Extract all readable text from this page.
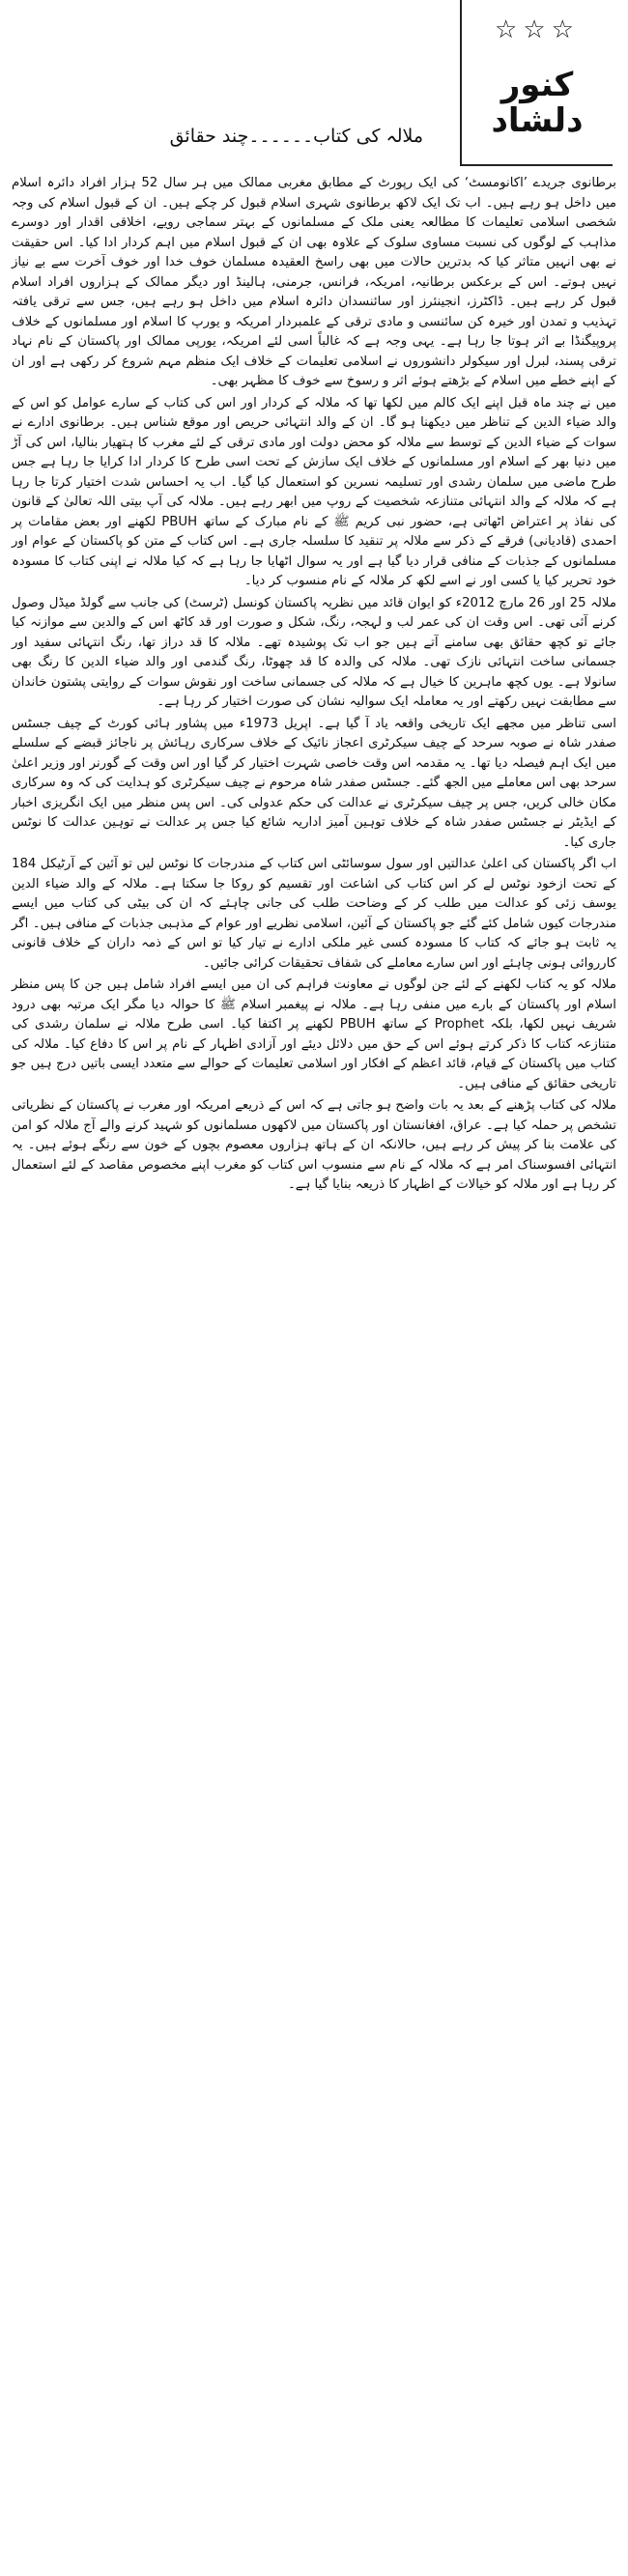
☆☆☆
کنور دلشاد
ملالہ کی کتاب۔۔۔۔۔۔چند حقائق

برطانوی جریدے ’اکانومسٹ‘ کی ایک رپورٹ کے مطابق مغربی ممالک میں ہر سال 52 ہزار افراد دائرہ اسلام میں داخل ہو رہے ہیں۔ اب تک ایک لاکھ برطانوی شہری اسلام قبول کر چکے ہیں۔ ان کے قبول اسلام کی وجہ شخصی اسلامی تعلیمات کا مطالعہ یعنی ملک کے مسلمانوں کے بہتر سماجی رویے، اخلاقی اقدار اور دوسرے مذاہب کے لوگوں کی نسبت مساوی سلوک کے علاوہ بھی ان کے قبول اسلام میں اہم کردار ادا کیا۔ اس حقیقت نے بھی انہیں متاثر کیا کہ بدترین حالات میں بھی راسخ العقیدہ مسلمان خوف خدا اور خوف آخرت سے بے نیاز نہیں ہوتے۔ اس کے برعکس برطانیہ، امریکہ، فرانس، جرمنی، ہالینڈ اور دیگر ممالک کے ہزاروں افراد اسلام قبول کر رہے ہیں۔ ڈاکٹرز، انجینئرز اور سائنسدان دائرہ اسلام میں داخل ہو رہے ہیں، جس سے ترقی یافتہ تہذیب و تمدن اور خیرہ کن سائنسی و مادی ترقی کے علمبردار امریکہ و یورپ کا اسلام اور مسلمانوں کے خلاف پروپیگنڈا بے اثر ہوتا جا رہا ہے۔ یہی وجہ ہے کہ غالباً اسی لئے امریکہ، یورپی ممالک اور پاکستان کے نام نہاد ترقی پسند، لبرل اور سیکولر دانشوروں نے اسلامی تعلیمات کے خلاف ایک منظم مہم شروع کر رکھی ہے اور ان کے اپنے خطے میں اسلام کے بڑھتے ہوئے اثر و رسوخ سے خوف کا مظہر بھی۔

میں نے چند ماہ قبل اپنے ایک کالم میں لکھا تھا کہ ملالہ کے کردار اور اس کی کتاب کے سارے عوامل کو اس کے والد ضیاء الدین کے تناظر میں دیکھنا ہو گا۔ ان کے والد انتہائی حریص اور موقع شناس ہیں۔ برطانوی ادارے نے سوات کے ضیاء الدین کے توسط سے ملالہ کو محض دولت اور مادی ترقی کے لئے مغرب کا ہتھیار بنالیا، اس کی آڑ میں دنیا بھر کے اسلام اور مسلمانوں کے خلاف ایک سازش کے تحت اسی طرح کا کردار ادا کرایا جا رہا ہے جس طرح ماضی میں سلمان رشدی اور تسلیمہ نسرین کو استعمال کیا گیا۔ اب یہ احساس شدت اختیار کرتا جا رہا ہے کہ ملالہ کے والد انتہائی متنازعہ شخصیت کے روپ میں ابھر رہے ہیں۔ ملالہ کی آپ بیتی اللہ تعالیٰ کے قانون کی نفاذ پر اعتراض اٹھاتی ہے، حضور نبی کریم ﷺ کے نام مبارک کے ساتھ PBUH لکھنے اور بعض مقامات پر احمدی (قادیانی) فرقے کے ذکر سے ملالہ پر تنقید کا سلسلہ جاری ہے۔ اس کتاب کے متن کو پاکستان کے عوام اور مسلمانوں کے جذبات کے منافی قرار دیا گیا ہے اور یہ سوال اٹھایا جا رہا ہے کہ کیا ملالہ نے اپنی کتاب کا مسودہ خود تحریر کیا یا کسی اور نے اسے لکھ کر ملالہ کے نام منسوب کر دیا۔

ملالہ 25 اور 26 مارچ 2012ء کو ایوان قائد میں نظریہ پاکستان کونسل (ٹرسٹ) کی جانب سے گولڈ میڈل وصول کرنے آئی تھی۔ اس وقت ان کی عمر لب و لہجہ، رنگ، شکل و صورت اور قد کاٹھ اس کے والدین سے موازنہ کیا جائے تو کچھ حقائق بھی سامنے آتے ہیں جو اب تک پوشیدہ تھے۔ ملالہ کا قد دراز تھا، رنگ انتہائی سفید اور جسمانی ساخت انتہائی نازک تھی۔ ملالہ کی والدہ کا قد چھوٹا، رنگ گندمی اور والد ضیاء الدین کا رنگ بھی سانولا ہے۔ یوں کچھ ماہرین کا خیال ہے کہ ملالہ کی جسمانی ساخت اور نقوش سوات کے روایتی پشتون خاندان سے مطابقت نہیں رکھتے اور یہ معاملہ ایک سوالیہ نشان کی صورت اختیار کر رہا ہے۔

اسی تناظر میں مجھے ایک تاریخی واقعہ یاد آ گیا ہے۔ اپریل 1973ء میں پشاور ہائی کورٹ کے چیف جسٹس صفدر شاہ نے صوبہ سرحد کے چیف سیکرٹری اعجاز نائیک کے خلاف سرکاری رہائش پر ناجائز قبضے کے سلسلے میں ایک اہم فیصلہ دیا تھا۔ یہ مقدمہ اس وقت خاصی شہرت اختیار کر گیا اور اس وقت کے گورنر اور وزیر اعلیٰ سرحد بھی اس معاملے میں الجھ گئے۔ جسٹس صفدر شاہ مرحوم نے چیف سیکرٹری کو ہدایت کی کہ وہ سرکاری مکان خالی کریں، جس پر چیف سیکرٹری نے عدالت کی حکم عدولی کی۔ اس پس منظر میں ایک انگریزی اخبار کے ایڈیٹر نے جسٹس صفدر شاہ کے خلاف توہین آمیز اداریہ شائع کیا جس پر عدالت نے توہین عدالت کا نوٹس جاری کیا۔

اب اگر پاکستان کی اعلیٰ عدالتیں اور سول سوسائٹی اس کتاب کے مندرجات کا نوٹس لیں تو آئین کے آرٹیکل 184 کے تحت ازخود نوٹس لے کر اس کتاب کی اشاعت اور تقسیم کو روکا جا سکتا ہے۔ ملالہ کے والد ضیاء الدین یوسف زئی کو عدالت میں طلب کر کے وضاحت طلب کی جانی چاہئے کہ ان کی بیٹی کی کتاب میں ایسے مندرجات کیوں شامل کئے گئے جو پاکستان کے آئین، اسلامی نظریے اور عوام کے مذہبی جذبات کے منافی ہیں۔ اگر یہ ثابت ہو جائے کہ کتاب کا مسودہ کسی غیر ملکی ادارے نے تیار کیا تو اس کے ذمہ داران کے خلاف قانونی کارروائی ہونی چاہئے اور اس سارے معاملے کی شفاف تحقیقات کرائی جائیں۔

ملالہ کو یہ کتاب لکھنے کے لئے جن لوگوں نے معاونت فراہم کی ان میں ایسے افراد شامل ہیں جن کا پس منظر اسلام اور پاکستان کے بارے میں منفی رہا ہے۔ ملالہ نے پیغمبر اسلام ﷺ کا حوالہ دیا مگر ایک مرتبہ بھی درود شریف نہیں لکھا، بلکہ Prophet کے ساتھ PBUH لکھنے پر اکتفا کیا۔ اسی طرح ملالہ نے سلمان رشدی کی متنازعہ کتاب کا ذکر کرتے ہوئے اس کے حق میں دلائل دیئے اور آزادی اظہار کے نام پر اس کا دفاع کیا۔ ملالہ کی کتاب میں پاکستان کے قیام، قائد اعظم کے افکار اور اسلامی تعلیمات کے حوالے سے متعدد ایسی باتیں درج ہیں جو تاریخی حقائق کے منافی ہیں۔

ملالہ کی کتاب پڑھنے کے بعد یہ بات واضح ہو جاتی ہے کہ اس کے ذریعے امریکہ اور مغرب نے پاکستان کے نظریاتی تشخص پر حملہ کیا ہے۔ عراق، افغانستان اور پاکستان میں لاکھوں مسلمانوں کو شہید کرنے والے آج ملالہ کو امن کی علامت بنا کر پیش کر رہے ہیں، حالانکہ ان کے ہاتھ ہزاروں معصوم بچوں کے خون سے رنگے ہوئے ہیں۔ یہ انتہائی افسوسناک امر ہے کہ ملالہ کے نام سے منسوب اس کتاب کو مغرب اپنے مخصوص مقاصد کے لئے استعمال کر رہا ہے اور ملالہ کو خیالات کے اظہار کا ذریعہ بنایا گیا ہے۔
